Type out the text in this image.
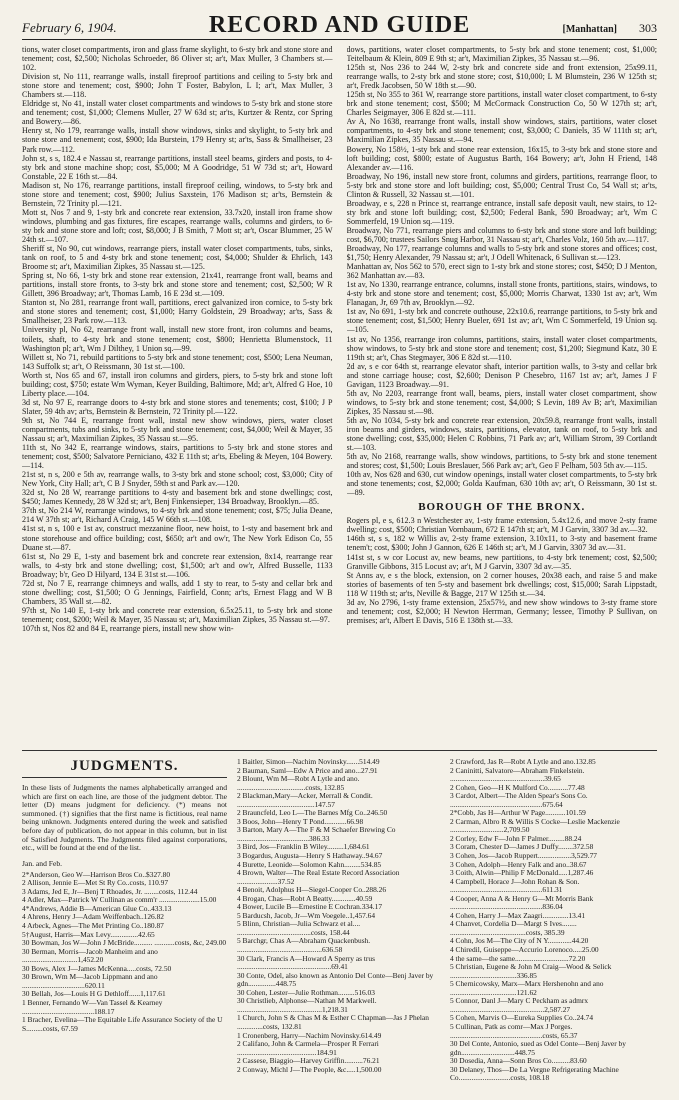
February 6, 1904.	RECORD AND GUIDE	[Manhattan] 303
tions, water closet compartments, iron and glass frame skylight, to 6-sty brk and stone store and tenement; cost, $2,500; Nicholas Schroeder, 86 Oliver st; ar't, Max Muller, 3 Chambers st.—102.
Division st, No 111, rearrange walls, install fireproof partitions and ceiling to 5-sty brk and stone store and tenement; cost, $900; John T Foster, Babylon, L I; ar't, Max Muller, 3 Chambers st.—118.
Eldridge st, No 41, install water closet compartments and windows to 5-sty brk and stone store and tenement; cost, $1,000; Clemens Muller, 27 W 63d st; ar'ts, Kurtzer & Rentz, cor Spring and Bowery.—86.
Henry st, No 179, rearrange walls, install show windows, sinks and skylight, to 5-sty brk and stone store and tenement; cost, $900; Ida Burstein, 179 Henry st; ar'ts, Sass & Smallheiser, 23 Park row.—112.
John st, s s, 182.4 e Nassau st, rearrange partitions, install steel beams, girders and posts, to 4-sty brk and stone machine shop; cost, $5,000; M A Goodridge, 51 W 73d st; ar't, Howard Constable, 22 E 16th st.—84.
Madison st, No 176, rearrange partitions, install fireproof ceiling, windows, to 5-sty brk and stone store and tenement; cost, $900; Julius Saxstein, 176 Madison st; ar'ts, Bernstein & Bernstein, 72 Trinity pl.—121.
Mott st, Nos 7 and 9, 1-sty brk and concrete rear extension, 33.7x20, install iron frame show windows, plumbing and gas fixtures, fire escapes, rearrange walls, columns and girders, to 6-sty brk and stone store and loft; cost, $8,000; J B Smith, 7 Mott st; ar't, Oscar Blummer, 25 W 24th st.—107.
Sheriff st, No 90, cut windows, rearrange piers, install water closet compartments, tubs, sinks, tank on roof, to 5 and 4-sty brk and stone tenement; cost, $4,000; Shulder & Ehrlich, 143 Broome st; ar't, Maximilian Zipkes, 35 Nassau st.—125.
Spring st, No 66, 1-sty brk and stone rear extension, 21x41, rearrange front wall, beams and partitions, install store fronts, to 3-sty brk and stone store and tenement; cost, $2,500; W R Gillett, 396 Broadway; ar't, Thomas Lamb, 16 E 23d st.—109.
Stanton st, No 281, rearrange front wall, partitions, erect galvanized iron cornice, to 5-sty brk and stone stores and tenement; cost, $1,000; Harry Goldstein, 29 Broadway; ar'ts, Sass & Smallheiser, 23 Park row.—113.
University pl, No 62, rearrange front wall, install new store front, iron columns and beams, toilets, shaft, to 4-sty brk and stone tenement; cost, $800; Henrietta Blumenstock, 11 Washington pl; ar't, Wm J Dilthey, 1 Union sq.—99.
Willett st, No 71, rebuild partitions to 5-sty brk and stone tenement; cost, $500; Lena Neuman, 143 Suffolk st; ar't, O Reissmann, 30 1st st.—100.
Worth st, Nos 65 and 67, install iron columns and girders, piers, to 5-sty brk and stone loft building; cost, $750; estate Wm Wyman, Keyer Building, Baltimore, Md; ar't, Alfred G Hoe, 10 Liberty place.—104.
3d st, No 97 E, rearrange doors to 4-sty brk and stone stores and tenements; cost, $100; J P Slater, 59 4th av; ar'ts, Bernstein & Bernstein, 72 Trinity pl.—122.
9th st, No 744 E, rearrange front wall, instal new show windows, piers, water closet compartments, tubs and sinks, to 5-sty brk and stone tenement; cost, $4,000; Weil & Mayer, 35 Nassau st; ar't, Maximilian Zipkes, 35 Nassau st.—95.
11th st, No 342 E, rearrange windows, stairs, partitions to 5-sty brk and stone stores and tenement; cost, $500; Salvatore Perniciano, 432 E 11th st; ar'ts, Ebeling & Meyen, 104 Bowery.—114.
21st st, n s, 200 e 5th av, rearrange walls, to 3-sty brk and stone school; cost, $3,000; City of New York, City Hall; ar't, C B J Snyder, 59th st and Park av.—120.
32d st, No 28 W, rearrange partitions to 4-sty and basement brk and stone dwellings; cost, $450; James Kennedy, 28 W 32d st; ar't, Benj Finkensieper, 134 Broadway, Brooklyn.—85.
37th st, No 214 W, rearrange windows, to 4-sty brk and stone tenement; cost, $75; Julia Deane, 214 W 37th st; ar't, Richard A Craig, 145 W 66th st.—108.
41st st, n s, 100 e 1st av, construct mezzanine floor, new hoist, to 1-sty and basement brk and stone storehouse and office building; cost, $650; ar't and ow'r, The New York Edison Co, 55 Duane st.—87.
61st st, No 29 E, 1-sty and basement brk and concrete rear extension, 8x14, rearrange rear walls, to 4-sty brk and stone dwelling; cost, $1,500; ar't and ow'r, Alfred Busselle, 1133 Broadway; b'r, Geo D Hilyard, 134 E 31st st.—106.
72d st, No 7 E, rearrange chimneys and walls, add 1 sty to rear, to 5-sty and cellar brk and stone dwelling; cost, $1,500; O G Jennings, Fairfield, Conn; ar'ts, Ernest Flagg and W B Chambers, 35 Wall st.—82.
97th st, No 140 E, 1-sty brk and concrete rear extension, 6.5x25.11, to 5-sty brk and stone tenement; cost, $200; Weil & Mayer, 35 Nassau st; ar't, Maximilian Zipkes, 35 Nassau st.—97.
107th st, Nos 82 and 84 E, rearrange piers, install new show win-
dows, partitions, water closet compartments, to 5-sty brk and stone tenement; cost, $1,000; Teitelbaum & Klein, 809 E 9th st; ar't, Maximilian Zipkes, 35 Nassau st.—96.
125th st, Nos 236 to 244 W, 2-sty brk and concrete side and front extension, 25x99.11, rearrange walls, to 2-sty brk and stone store; cost, $10,000; L M Blumstein, 236 W 125th st; ar't, Fredk Jacobsen, 50 W 18th st.—90.
125th st, No 355 to 361 W, rearrange store partitions, install water closet compartment, to 6-sty brk and stone tenement; cost, $500; M McCormack Construction Co, 50 W 127th st; ar't, Charles Seigmayer, 306 E 82d st.—111.
Av A, No 1638, rearrange front walls, install show windows, stairs, partitions, water closet compartments, to 4-sty brk and stone tenement; cost, $3,000; C Daniels, 35 W 111th st; ar't, Maximilian Zipkes, 35 Nassau st.—94.
Bowery, No 158½, 1-sty brk and stone rear extension, 16x15, to 3-sty brk and stone store and loft building; cost, $800; estate of Augustus Barth, 164 Bowery; ar't, John H Friend, 148 Alexander av.—116.
Broadway, No 196, install new store front, columns and girders, partitions, rearrange floor, to 5-sty brk and stone store and loft building; cost, $5,000; Central Trust Co, 54 Wall st; ar'ts, Clinton & Russell, 32 Nassau st.—101.
Broadway, e s, 228 n Prince st, rearrange entrance, install safe deposit vault, new stairs, to 12-sty brk and stone loft building; cost, $2,500; Federal Bank, 590 Broadway; ar't, Wm C Sommerfeld, 19 Union sq.—119.
Broadway, No 771, rearrange piers and columns to 6-sty brk and stone store and loft building; cost, $6,700; trustees Sailors Snug Harbor, 31 Nassau st; ar't, Charles Volz, 160 5th av.—117.
Broadway, No 177, rearrange columns and walls to 5-sty brk and stone stores and offices; cost, $1,750; Henry Alexander, 79 Nassau st; ar't, J Odell Whitenack, 6 Sullivan st.—123.
Manhattan av, Nos 562 to 570, erect sign to 1-sty brk and stone stores; cost, $450; D J Menton, 362 Manhattan av.—83.
1st av, No 1330, rearrange entrance, columns, install stone fronts, partitions, stairs, windows, to 4-sty brk and stone store and tenement; cost, $5,000; Morris Charwat, 1330 1st av; ar't, Wm Flanagan, Jr, 69 7th av, Brooklyn.—92.
1st av, No 691, 1-sty brk and concrete outhouse, 22x10.6, rearrange partitions, to 5-sty brk and stone tenement; cost, $1,500; Henry Bueler, 691 1st av; ar't, Wm C Sommerfeld, 19 Union sq.—105.
1st av, No 1356, rearrange iron columns, partitions, stairs, install water closet compartments, show windows, to 5-sty brk and stone store and tenement; cost, $1,200; Siegmund Katz, 30 E 119th st; ar't, Chas Stegmayer, 306 E 82d st.—110.
2d av, s e cor 64th st, rearrange elevator shaft, interior partition walls, to 3-sty and cellar brk and stone carriage house; cost, $2,600; Denison P Chesebro, 1167 1st av; ar't, James J F Gavigan, 1123 Broadway.—91.
5th av, No 2203, rearrange front wall, beams, piers, install water closet compartment, show windows, to 5-sty brk and stone tenement; cost, $4,000; S Levin, 189 Av B; ar't, Maximilian Zipkes, 35 Nassau st.—98.
5th av, No 1034, 5-sty brk and concrete rear extension, 20x59.8, rearrange front walls, install iron beams and girders, windows, stairs, partitions, elevator, tank on roof, to 5-sty brk and stone dwelling; cost, $35,000; Helen C Robbins, 71 Park av; ar't, William Strom, 39 Cortlandt st.—103.
5th av, No 2168, rearrange walls, show windows, partitions, to 5-sty brk and stone tenement and stores; cost, $1,500; Louis Breslauer, 566 Park av; ar't, Geo F Pelham, 503 5th av.—115.
10th av, Nos 628 and 630, cut window openings, install water closet compartments, to 5-sty brk and stone tenements; cost, $2,000; Golda Kaufman, 630 10th av; ar't, O Reissmann, 30 1st st.—89.
BOROUGH OF THE BRONX.
Rogers pl, e s, 612.3 n Westchester av, 1-sty frame extension, 5.4x12.6, and move 2-sty frame dwelling; cost, $500; Christian Vornbaum, 672 E 147th st; ar't, M J Garvin, 3307 3d av.—32.
146th st, s s, 182 w Willis av, 2-sty frame extension, 3.10x11, to 3-sty and basement frame tenem't; cost, $300; John J Gannon, 626 E 146th st; ar't, M J Garvin, 3307 3d av.—31.
141st st, s w cor Locust av, new beams, new partitions, to 4-sty brk tenement; cost, $2,500; Granville Gibbons, 315 Locust av; ar't, M J Garvin, 3307 3d av.—35.
St Anns av, e s the block, extension, on 2 corner houses, 20x38 each, and raise 5 and make stories of basements of ten 5-sty and basement brk dwellings; cost, $15,000; Sarah Lippstadt, 118 W 119th st; ar'ts, Neville & Bagge, 217 W 125th st.—34.
3d av, No 2796, 1-sty frame extension, 25x57½, and new show windows to 3-sty frame store and tenement; cost, $2,000; H Newton Herrman, Germany; lessee, Timothy P Sullivan, on premises; ar't, Albert E Davis, 516 E 138th st.—33.
JUDGMENTS.
In these lists of Judgments the names alphabetically arranged and which are first on each line, are those of the judgment debtor. The letter (D) means judgment for deficiency. (*) means not summoned. (†) signifies that the first name is fictitious, real name being unknown. Judgments entered during the week and satisfied before day of publication, do not appear in this column, but in list of Satisfied Judgments. The Judgments filed against corporations, etc., will be found at the end of the list.
Jan. and Feb.
2*Anderson, Geo W—Harrison Bros Co..$327.80
2 Allison, Jennie E—Met St Ry Co..costs, 110.97
3 Adams, Jed E, Jr—Benj T Rhoades, Jr. ........costs, 112.44
4 Adler, Max—Patrick W Cullinan as comm'r ......................15.00
4*Andrews, Addie B—American Glue Co..433.13
4 Ahrens, Henry J—Adam Weiffenbach..126.82
4 Arbeck, Agnes—The Met Printing Co..180.87
5†August, Harris—Max Levy...............42.65
30 Bowman, Jos W—John J McBride.......... ...........costs, &c, 249.00
30 Berman, Morris—Jacob Manheim and ano ..............................1,452.20
30 Bows, Alex J—James McKenna.....costs, 72.50
30 Brown, Wm M—Jacob Lippmann and ano ..................................620.11
30 Bellah, Jos—Louis H G Dethloff......1,117.61
1 Benner, Fernando W—Van Tassel & Kearney .......................................188.17
1 Bracher, Evelina—The Equitable Life Assurance Society of the U S.........costs, 67.59
1 Baitler, Simon—Nachim Novinsky.......514.49
2 Bauman, Saml—Edw A Price and ano...27.91
2 Blount, Wm M—Robt A Lytle and ano. .....................................costs, 132.85
2 Blackman,Mary—Acker, Merrall & Condit. ..........................................147.57
2 Brauncfeld, Leo L—The Barnes Mfg Co..246.50
3 Boos, John—Henry T Pond............66.98
3 Barton, Mary A—The F & M Schaefer Brewing Co .......................................386.33
3 Bird, Jos—Franklin B Wiley.........1,684.61
3 Bogardus, Augusta—Henry S Hathaway..94.67
4 Burette, Leonide—Solomon Kahn.........534.85
4 Brown, Walter—The Real Estate Record Association ......................37.52
4 Benoit, Adolphus H—Siegel-Cooper Co..288.26
4 Brogan, Chas—Robt A Beatty.............40.59
4 Bower, Lucile B—Ernestine E Cochran.334.17
5 Barducsh, Jacob, Jr—Wm Voegele..1,457.64
5 Blinn, Christian—Julia Schwarz et al.... ........................................costs, 158.44
5 Barchgr, Chas A—Abraham Quackenbush. ..............................................636.58
30 Clark, Francis A—Howard A Sperry as trus ...................................................69.41
30 Conte, Odel, also known as Antonio Del Conte—Benj Javer by gdn...............448.75
30 Cohen, Lester—Julie Rothman.........516.03
30 Christlieb, Alphonse—Nathan M Markwell. ..............................................1,218.31
1 Church, John S & Chas M & Esther C Chapman—Jas J Phelan ..............costs, 132.81
1 Cronenberg, Harry—Nachim Novinsky.614.49
2 Califano, John & Carmela—Prosper R Ferrari ...........................................184.91
2 Cassese, Biaggio—Harvey Griffin..........76.21
2 Conway, Michl J—The People, &c.....1,500.00
2 Crawford, Jas R—Robt A Lytle and ano.132.85
2 Caninitti, Salvatore—Abraham Finkelstein. ...................................................39.65
2 Cohen, Geo—H K Mulford Co...........77.48
3 Cardot, Albert—The Alden Spear's Sons Co. ..................................................675.64
2*Cobb, Jas H—Arthur W Page...........101.59
2 Carman, Albro R & Willis S Cocke—Leslie Mackenzie .............................2,709.50
2 Corley, Edw F—John F Palmer.........88.24
3 Coram, Chester D—James J Duffy........372.58
3 Cohen, Jos—Jacob Ruppert..................3,529.77
3 Cohen, Adolph—Henry Falk and ano..38.67
3 Coith, Alwin—Philip F McDonald.....1,287.46
4 Campbell, Horace J—John Rohan & Son. ..................................................611.31
4 Cooper, Anna A & Henry G—Mt Morris Bank ..................................................836.04
4 Cohen, Harry J—Max Zaagri..............13.41
4 Chanvet, Cordelia D—Margt S Ives........ .........................................costs, 385.39
4 Cohn, Jos M—The City of N Y.............44.20
4 Chiredil, Guiseppe—Accurio Lorenoco.....25.00
4 the same—the same.............................72.20
5 Christian, Eugene & John M Craig—Wood & Selick ....................................336.85
5 Chernicowsky, Marx—Marx Hershenohn and ano ....................................121.62
5 Connor, Danl J—Mary C Peckham as admrx ...................................................2,587.27
5 Cohen, Marvis O—Eureka Supplies Co..24.74
5 Cullinan, Patk as comr—Max J Porges. ..................................................costs, 65.37
30 Del Conte, Antonio, sued as Odel Conte—Benj Javer by gdn.............................448.75
30 Dosedia, Anna—Sonn Bros Co..........83.60
30 Delaney, Thos—De La Vergne Refrigerating Machine Co............................costs, 108.18
